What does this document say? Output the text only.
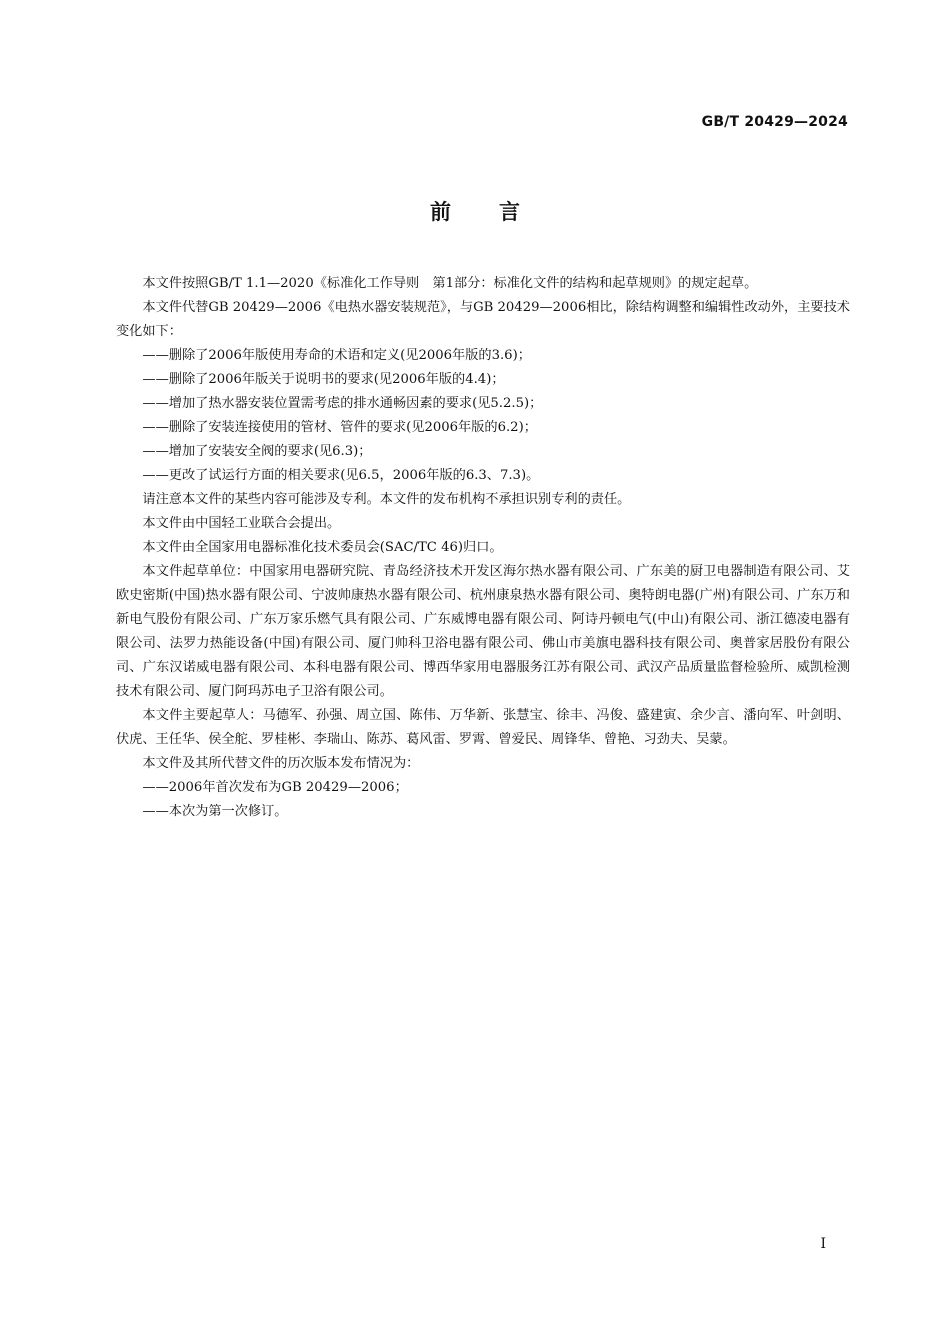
GB/T 20429—2024
前言

本文件按照GB/T 1.1—2020《标准化工作导则　第1部分：标准化文件的结构和起草规则》的规定起草。

本文件代替GB 20429—2006《电热水器安装规范》，与GB 20429—2006相比，除结构调整和编辑性改动外，主要技术变化如下：

——删除了2006年版使用寿命的术语和定义(见2006年版的3.6)；
——删除了2006年版关于说明书的要求(见2006年版的4.4)；
——增加了热水器安装位置需考虑的排水通畅因素的要求(见5.2.5)；
——删除了安装连接使用的管材、管件的要求(见2006年版的6.2)；
——增加了安装安全阀的要求(见6.3)；
——更改了试运行方面的相关要求(见6.5，2006年版的6.3、7.3)。

请注意本文件的某些内容可能涉及专利。本文件的发布机构不承担识别专利的责任。

本文件由中国轻工业联合会提出。

本文件由全国家用电器标准化技术委员会(SAC/TC 46)归口。

本文件起草单位：中国家用电器研究院、青岛经济技术开发区海尔热水器有限公司、广东美的厨卫电器制造有限公司、艾欧史密斯(中国)热水器有限公司、宁波帅康热水器有限公司、杭州康泉热水器有限公司、奥特朗电器(广州)有限公司、广东万和新电气股份有限公司、广东万家乐燃气具有限公司、广东威博电器有限公司、阿诗丹顿电气(中山)有限公司、浙江德凌电器有限公司、法罗力热能设备(中国)有限公司、厦门帅科卫浴电器有限公司、佛山市美旗电器科技有限公司、奥普家居股份有限公司、广东汉诺威电器有限公司、本科电器有限公司、博西华家用电器服务江苏有限公司、武汉产品质量监督检验所、威凯检测技术有限公司、厦门阿玛苏电子卫浴有限公司。

本文件主要起草人：马德军、孙强、周立国、陈伟、万华新、张慧宝、徐丰、冯俊、盛建寅、余少言、潘向军、叶剑明、伏虎、王任华、侯全舵、罗桂彬、李瑞山、陈苏、葛风雷、罗霄、曾爱民、周锋华、曾艳、习劲夫、吴蒙。

本文件及其所代替文件的历次版本发布情况为：

——2006年首次发布为GB 20429—2006；
——本次为第一次修订。
I
